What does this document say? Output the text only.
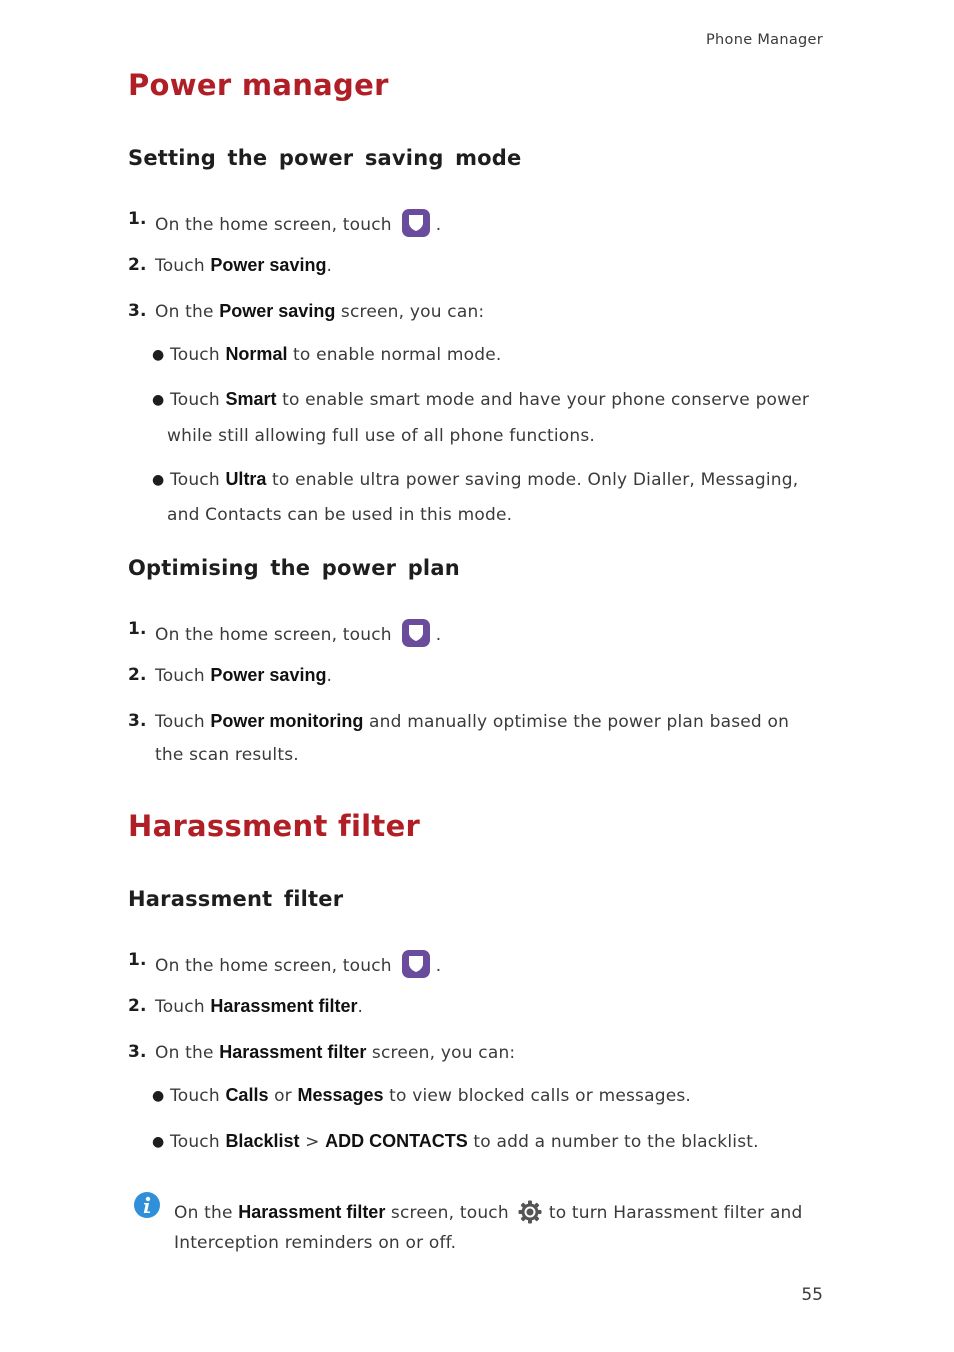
Phone Manager

Power manager
Setting the power saving mode

1. On the home screen, touch	.

2. Touch Power saving.

3. On the Power saving screen, you can:

● Touch Normal to enable normal mode.

● Touch Smart to enable smart mode and have your phone conserve power

while still allowing full use of all phone functions.

● Touch Ultra to enable ultra power saving mode. Only Dialler, Messaging,

and Contacts can be used in this mode.

Optimising the power plan

1. On the home screen, touch	.

2. Touch Power saving.

3. Touch Power monitoring and manually optimise the power plan based on

the scan results.

Harassment filter
Harassment filter

1. On the home screen, touch	.

2. Touch Harassment filter.

3. On the Harassment filter screen, you can:

● Touch Calls or Messages to view blocked calls or messages.

● Touch Blacklist > ADD CONTACTS to add a number to the blacklist.

On the Harassment filter screen, touch to turn Harassment filter and

Interception reminders on or off.

55
